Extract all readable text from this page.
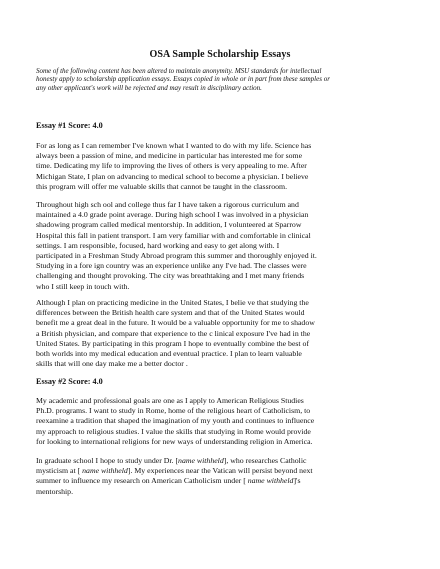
OSA Sample Scholarship Essays
Some of the following content has been altered to maintain anonymity. MSU standards for intellectual
honesty apply to scholarship application essays. Essays copied in whole or in part from these samples or
any other applicant's work will be rejected and may result in disciplinary action.
Essay #1 Score: 4.0
For as long as I can remember I've known what I wanted to do with my life. Science has
always been a passion of mine, and medicine in particular has interested me for some
time. Dedicating my life to improving the lives of others is very appealing to me. After
Michigan State, I plan on advancing to medical school to become a physician. I believe
this program will offer me valuable skills that cannot be taught in the classroom.
Throughout high sch ool and college thus far I have taken a rigorous curriculum and
maintained a 4.0 grade point average. During high school I was involved in a physician
shadowing program called medical mentorship. In addition, I volunteered at Sparrow
Hospital this fall in patient transport. I am very familiar with and comfortable in clinical
settings. I am responsible, focused, hard working and easy to get along with. I
participated in a Freshman Study Abroad program this summer and thoroughly enjoyed it.
Studying in a fore ign country was an experience unlike any I've had. The classes were
challenging and thought provoking. The city was breathtaking and I met many friends
who I still keep in touch with.
Although I plan on practicing medicine in the United States, I belie ve that studying the
differences between the British health care system and that of the United States would
benefit me a great deal in the future. It would be a valuable opportunity for me to shadow
a British physician, and compare that experience to the c linical exposure I've had in the
United States. By participating in this program I hope to eventually combine the best of
both worlds into my medical education and eventual practice. I plan to learn valuable
skills that will one day make me a better doctor .
Essay #2 Score: 4.0
My academic and professional goals are one as I apply to American Religious Studies
Ph.D. programs. I want to study in Rome, home of the religious heart of Catholicism, to
reexamine a tradition that shaped the imagination of my youth and continues to influence
my approach to religious studies. I value the skills that studying in Rome would provide
for looking to international religions for new ways of understanding religion in America.
In graduate school I hope to study under Dr. [name withheld], who researches Catholic
mysticism at [ name withheld]. My experiences near the Vatican will persist beyond next
summer to influence my research on American Catholicism under [ name withheld]'s
mentorship.
